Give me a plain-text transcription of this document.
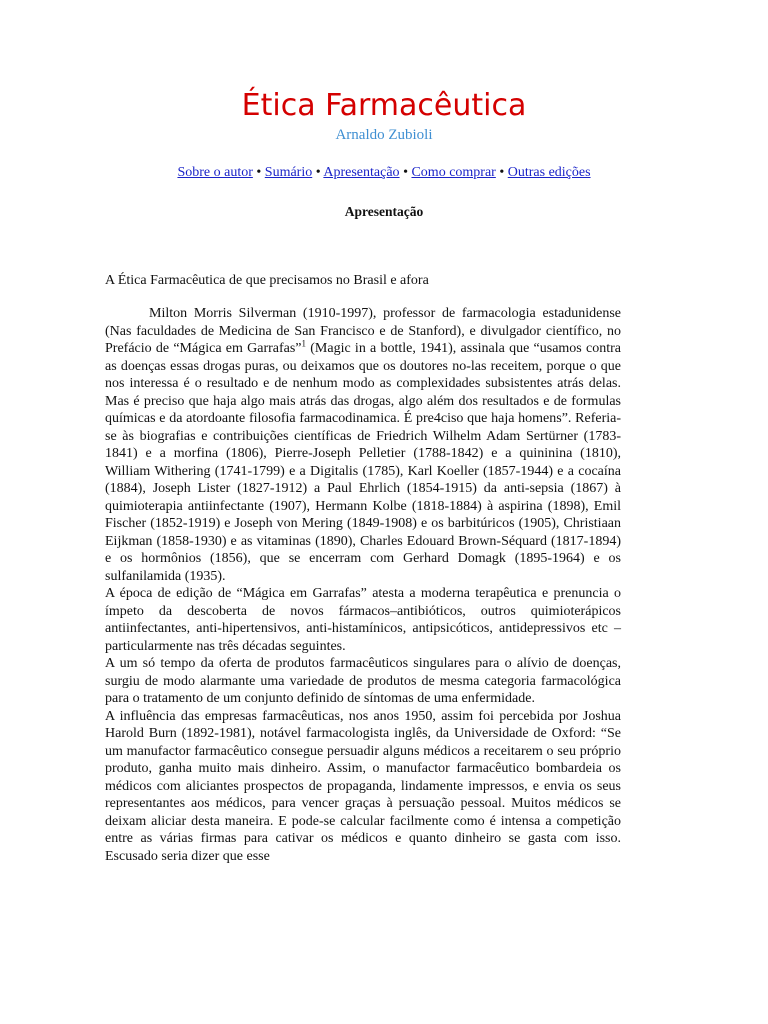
Ética Farmacêutica
Arnaldo Zubioli
Sobre o autor • Sumário • Apresentação • Como comprar • Outras edições
Apresentação
A Ética Farmacêutica de que precisamos no Brasil e afora

Milton Morris Silverman (1910-1997), professor de farmacologia estadunidense (Nas faculdades de Medicina de San Francisco e de Stanford), e divulgador científico, no Prefácio de “Mágica em Garrafas”$^1$ (Magic in a bottle, 1941), assinala que “usamos contra as doenças essas drogas puras, ou deixamos que os doutores no-las receitem, porque o que nos interessa é o resultado e de nenhum modo as complexidades subsistentes atrás delas. Mas é preciso que haja algo mais atrás das drogas, algo além dos resultados e de formulas químicas e da atordoante filosofia farmacodinamica. É pre4ciso que haja homens”. Referia-se às biografias e contribuições científicas de Friedrich Wilhelm Adam Sertürner (1783-1841) e a morfina (1806), Pierre-Joseph Pelletier (1788-1842) e a quininina (1810), William Withering (1741-1799) e a Digitalis (1785), Karl Koeller (1857-1944) e a cocaína (1884), Joseph Lister (1827-1912) a Paul Ehrlich (1854-1915) da anti-sepsia (1867) à quimioterapia antiinfectante (1907), Hermann Kolbe (1818-1884) à aspirina (1898), Emil Fischer (1852-1919) e Joseph von Mering (1849-1908) e os barbitúricos (1905), Christiaan Eijkman (1858-1930) e as vitaminas (1890), Charles Edouard Brown-Séquard (1817-1894) e os hormônios (1856), que se encerram com Gerhard Domagk (1895-1964) e os sulfanilamida (1935).

A época de edição de “Mágica em Garrafas” atesta a moderna terapêutica e prenuncia o ímpeto da descoberta de novos fármacos–antibióticos, outros quimioterápicos antiinfectantes, anti-hipertensivos, anti-histamínicos, antipsicóticos, antidepressivos etc – particularmente nas três décadas seguintes.

A um só tempo da oferta de produtos farmacêuticos singulares para o alívio de doenças, surgiu de modo alarmante uma variedade de produtos de mesma categoria farmacológica para o tratamento de um conjunto definido de síntomas de uma enfermidade.

A influência das empresas farmacêuticas, nos anos 1950, assim foi percebida por Joshua Harold Burn (1892-1981), notável farmacologista inglês, da Universidade de Oxford: “Se um manufactor farmacêutico consegue persuadir alguns médicos a receitarem o seu próprio produto, ganha muito mais dinheiro. Assim, o manufactor farmacêutico bombardeia os médicos com aliciantes prospectos de propaganda, lindamente impressos, e envia os seus representantes aos médicos, para vencer graças à persuação pessoal. Muitos médicos se deixam aliciar desta maneira. E pode-se calcular facilmente como é intensa a competição entre as várias firmas para cativar os médicos e quanto dinheiro se gasta com isso. Escusado seria dizer que esse
